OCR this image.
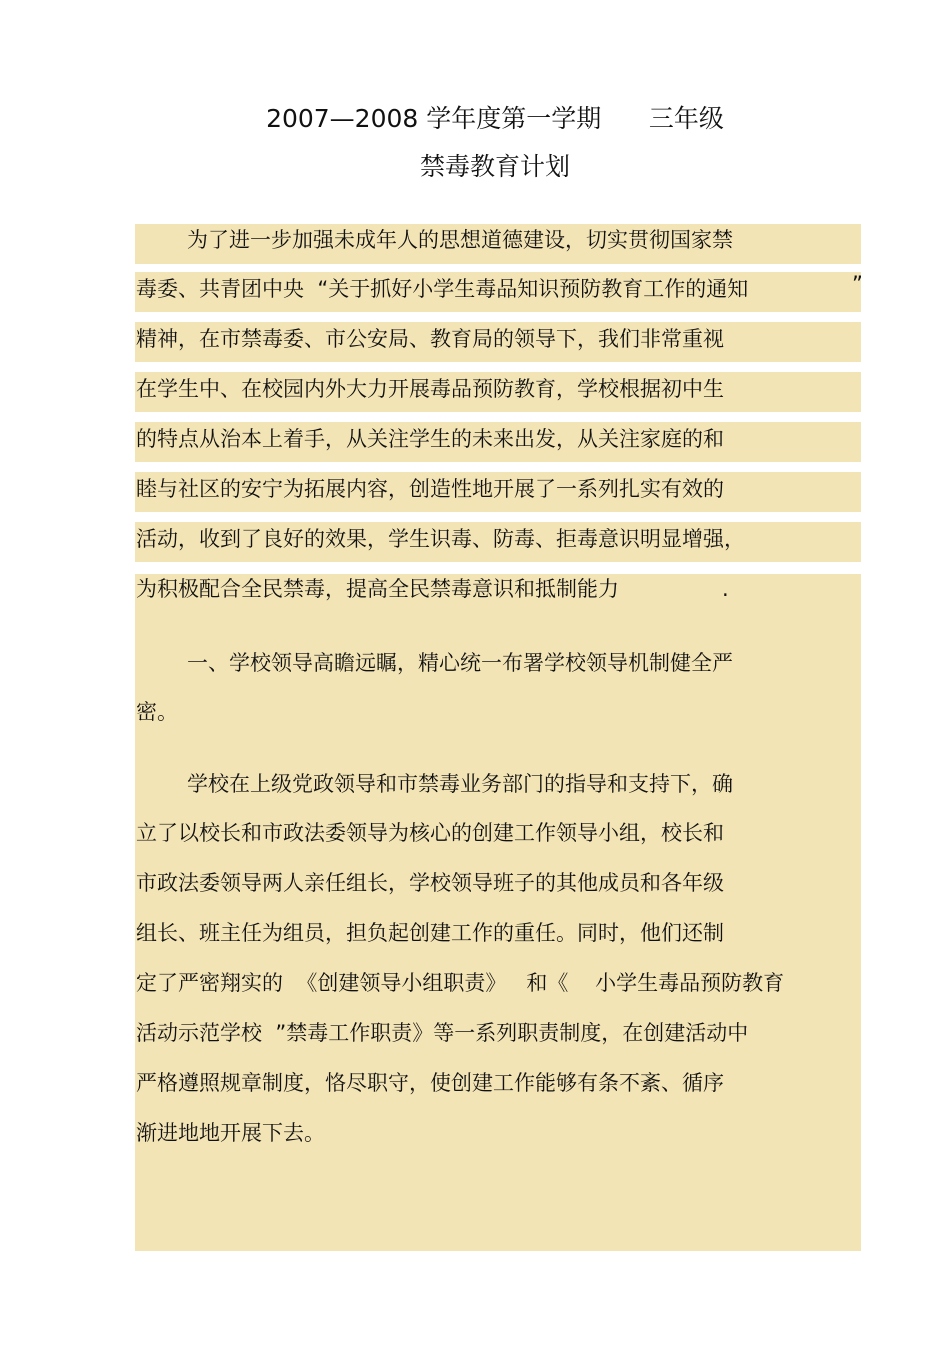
2007—2008 学年度第一学期      三年级
禁毒教育计划
为了进一步加强未成年人的思想道德建设，切实贯彻国家禁
毒委、共青团中央  “关于抓好小学生毒品知识预防教育工作的通知	”
精神，在市禁毒委、市公安局、教育局的领导下，我们非常重视
在学生中、在校园内外大力开展毒品预防教育，学校根据初中生
的特点从治本上着手，从关注学生的未来出发，从关注家庭的和
睦与社区的安宁为拓展内容，创造性地开展了一系列扎实有效的
活动，收到了良好的效果，学生识毒、防毒、拒毒意识明显增强，
为积极配合全民禁毒，提高全民禁毒意识和抵制能力	.
一、学校领导高瞻远瞩，精心统一布署学校领导机制健全严
密。
学校在上级党政领导和市禁毒业务部门的指导和支持下，确
立了以校长和市政法委领导为核心的创建工作领导小组，校长和
市政法委领导两人亲任组长，学校领导班子的其他成员和各年级
组长、班主任为组员，担负起创建工作的重任。同时，他们还制
定了严密翔实的  《创建领导小组职责》   和《    小学生毒品预防教育
活动示范学校  ”禁毒工作职责》等一系列职责制度，在创建活动中
严格遵照规章制度，恪尽职守，使创建工作能够有条不紊、循序
渐进地地开展下去。
